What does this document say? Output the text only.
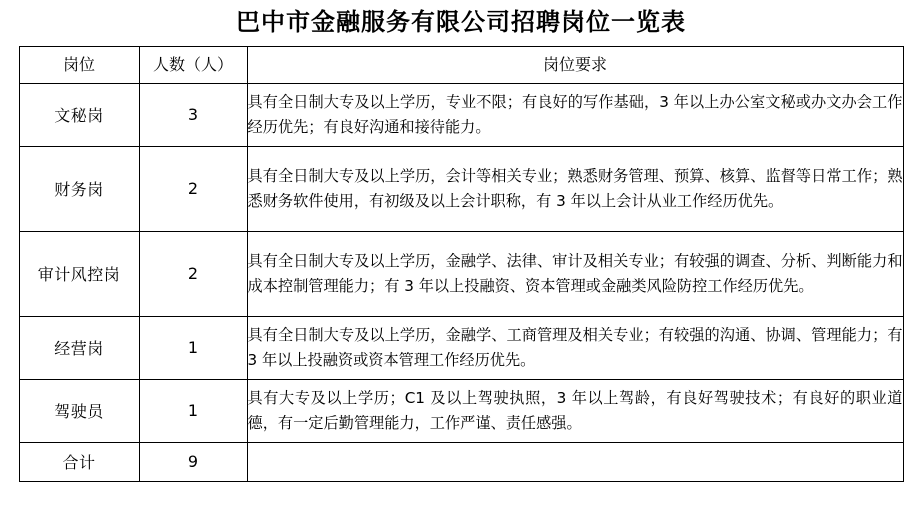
巴中市金融服务有限公司招聘岗位一览表
岗位	人数（人）	岗位要求
文秘岗	3	具有全日制大专及以上学历，专业不限；有良好的写作基础，3 年以上办公室文秘或办文办会工作经历优先；有良好沟通和接待能力。
财务岗	2	具有全日制大专及以上学历，会计等相关专业；熟悉财务管理、预算、核算、监督等日常工作；熟悉财务软件使用，有初级及以上会计职称，有 3 年以上会计从业工作经历优先。
审计风控岗	2	具有全日制大专及以上学历，金融学、法律、审计及相关专业；有较强的调查、分析、判断能力和成本控制管理能力；有 3 年以上投融资、资本管理或金融类风险防控工作经历优先。
经营岗	1	具有全日制大专及以上学历，金融学、工商管理及相关专业；有较强的沟通、协调、管理能力；有 3 年以上投融资或资本管理工作经历优先。
驾驶员	1	具有大专及以上学历；C1 及以上驾驶执照，3 年以上驾龄，有良好驾驶技术；有良好的职业道德，有一定后勤管理能力，工作严谨、责任感强。
合计	9	
